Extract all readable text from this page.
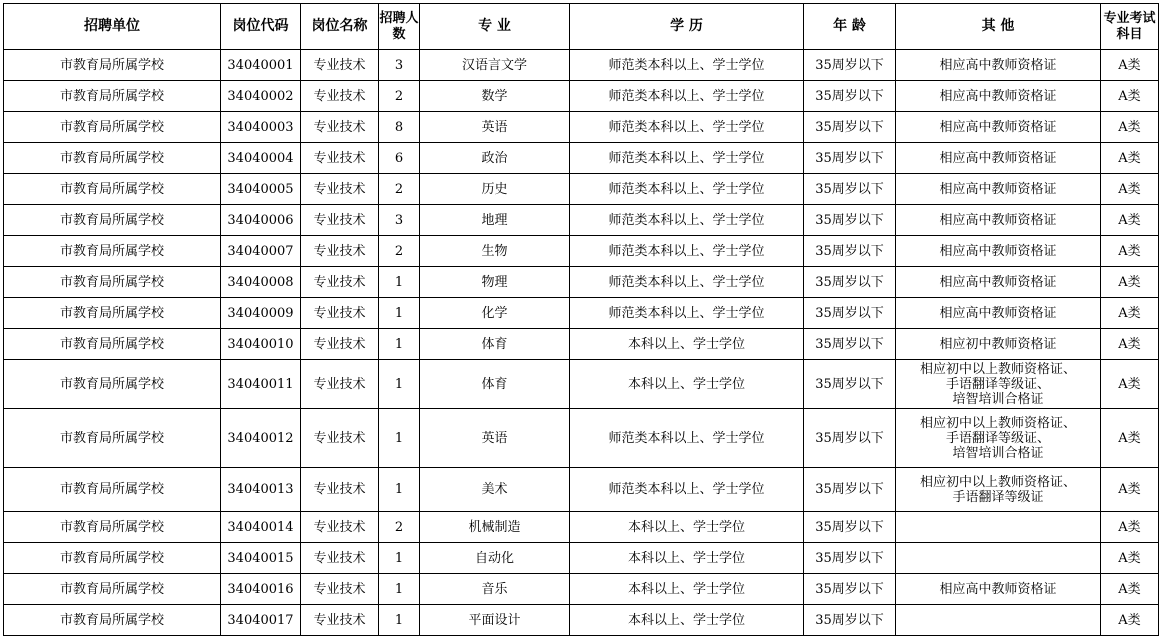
招聘单位	岗位代码	岗位名称	招聘人数	专 业	学 历	年 龄	其 他	专业考试科目
市教育局所属学校	34040001	专业技术	3	汉语言文学	师范类本科以上、学士学位	35周岁以下	相应高中教师资格证	A类
市教育局所属学校	34040002	专业技术	2	数学	师范类本科以上、学士学位	35周岁以下	相应高中教师资格证	A类
市教育局所属学校	34040003	专业技术	8	英语	师范类本科以上、学士学位	35周岁以下	相应高中教师资格证	A类
市教育局所属学校	34040004	专业技术	6	政治	师范类本科以上、学士学位	35周岁以下	相应高中教师资格证	A类
市教育局所属学校	34040005	专业技术	2	历史	师范类本科以上、学士学位	35周岁以下	相应高中教师资格证	A类
市教育局所属学校	34040006	专业技术	3	地理	师范类本科以上、学士学位	35周岁以下	相应高中教师资格证	A类
市教育局所属学校	34040007	专业技术	2	生物	师范类本科以上、学士学位	35周岁以下	相应高中教师资格证	A类
市教育局所属学校	34040008	专业技术	1	物理	师范类本科以上、学士学位	35周岁以下	相应高中教师资格证	A类
市教育局所属学校	34040009	专业技术	1	化学	师范类本科以上、学士学位	35周岁以下	相应高中教师资格证	A类
市教育局所属学校	34040010	专业技术	1	体育	本科以上、学士学位	35周岁以下	相应初中教师资格证	A类
市教育局所属学校	34040011	专业技术	1	体育	本科以上、学士学位	35周岁以下	相应初中以上教师资格证、
手语翻译等级证、
培智培训合格证	A类
市教育局所属学校	34040012	专业技术	1	英语	师范类本科以上、学士学位	35周岁以下	相应初中以上教师资格证、
手语翻译等级证、
培智培训合格证	A类
市教育局所属学校	34040013	专业技术	1	美术	师范类本科以上、学士学位	35周岁以下	相应初中以上教师资格证、
手语翻译等级证	A类
市教育局所属学校	34040014	专业技术	2	机械制造	本科以上、学士学位	35周岁以下		A类
市教育局所属学校	34040015	专业技术	1	自动化	本科以上、学士学位	35周岁以下		A类
市教育局所属学校	34040016	专业技术	1	音乐	本科以上、学士学位	35周岁以下	相应高中教师资格证	A类
市教育局所属学校	34040017	专业技术	1	平面设计	本科以上、学士学位	35周岁以下		A类
